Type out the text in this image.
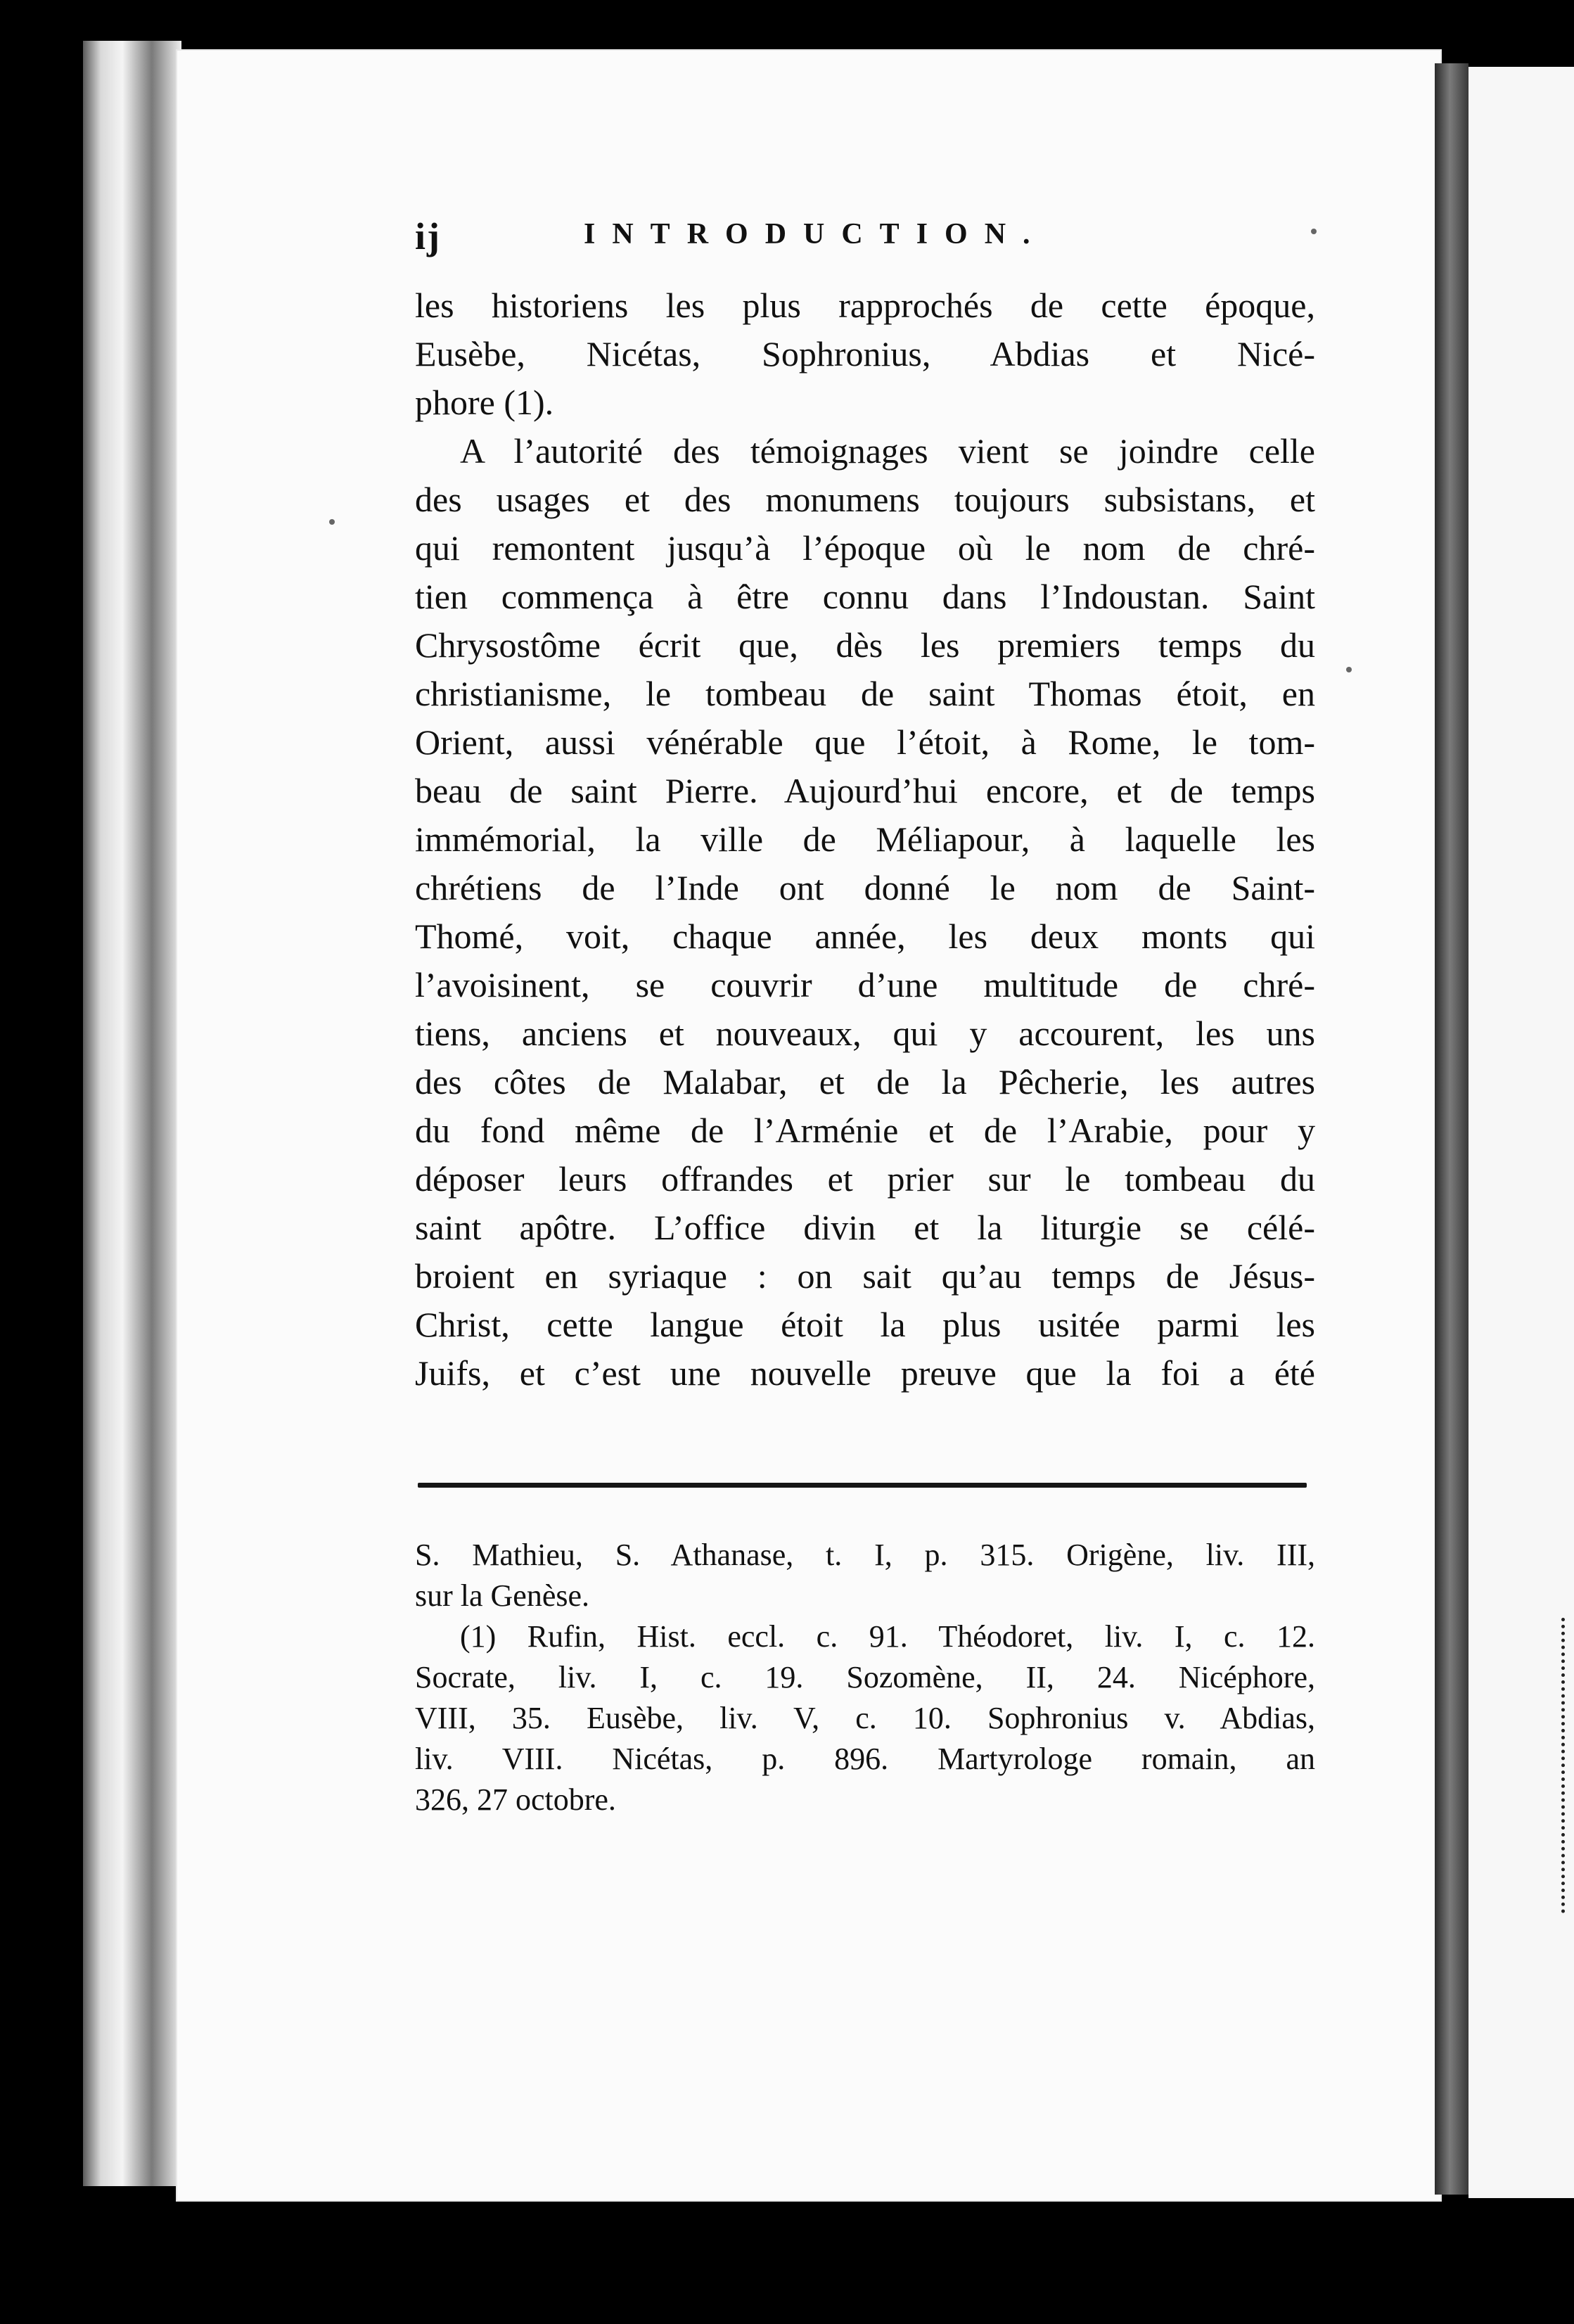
ij	INTRODUCTION.
les historiens les plus rapprochés de cette époque,
Eusèbe, Nicétas, Sophronius, Abdias et Nicé-
phore (1).
A l’autorité des témoignages vient se joindre celle
des usages et des monumens toujours subsistans, et
qui remontent jusqu’à l’époque où le nom de chré-
tien commença à être connu dans l’Indoustan. Saint
Chrysostôme écrit que, dès les premiers temps du
christianisme, le tombeau de saint Thomas étoit, en
Orient, aussi vénérable que l’étoit, à Rome, le tom-
beau de saint Pierre. Aujourd’hui encore, et de temps
immémorial, la ville de Méliapour, à laquelle les
chrétiens de l’Inde ont donné le nom de Saint-
Thomé, voit, chaque année, les deux monts qui
l’avoisinent, se couvrir d’une multitude de chré-
tiens, anciens et nouveaux, qui y accourent, les uns
des côtes de Malabar, et de la Pêcherie, les autres
du fond même de l’Arménie et de l’Arabie, pour y
déposer leurs offrandes et prier sur le tombeau du
saint apôtre. L’office divin et la liturgie se célé-
broient en syriaque : on sait qu’au temps de Jésus-
Christ, cette langue étoit la plus usitée parmi les
Juifs, et c’est une nouvelle preuve que la foi a été
S. Mathieu, S. Athanase, t. I, p. 315. Origène, liv. III,
sur la Genèse.
(1) Rufin, Hist. eccl. c. 91. Théodoret, liv. I, c. 12.
Socrate, liv. I, c. 19. Sozomène, II, 24. Nicéphore,
VIII, 35. Eusèbe, liv. V, c. 10. Sophronius v. Abdias,
liv. VIII. Nicétas, p. 896. Martyrologe romain, an
326, 27 octobre.
